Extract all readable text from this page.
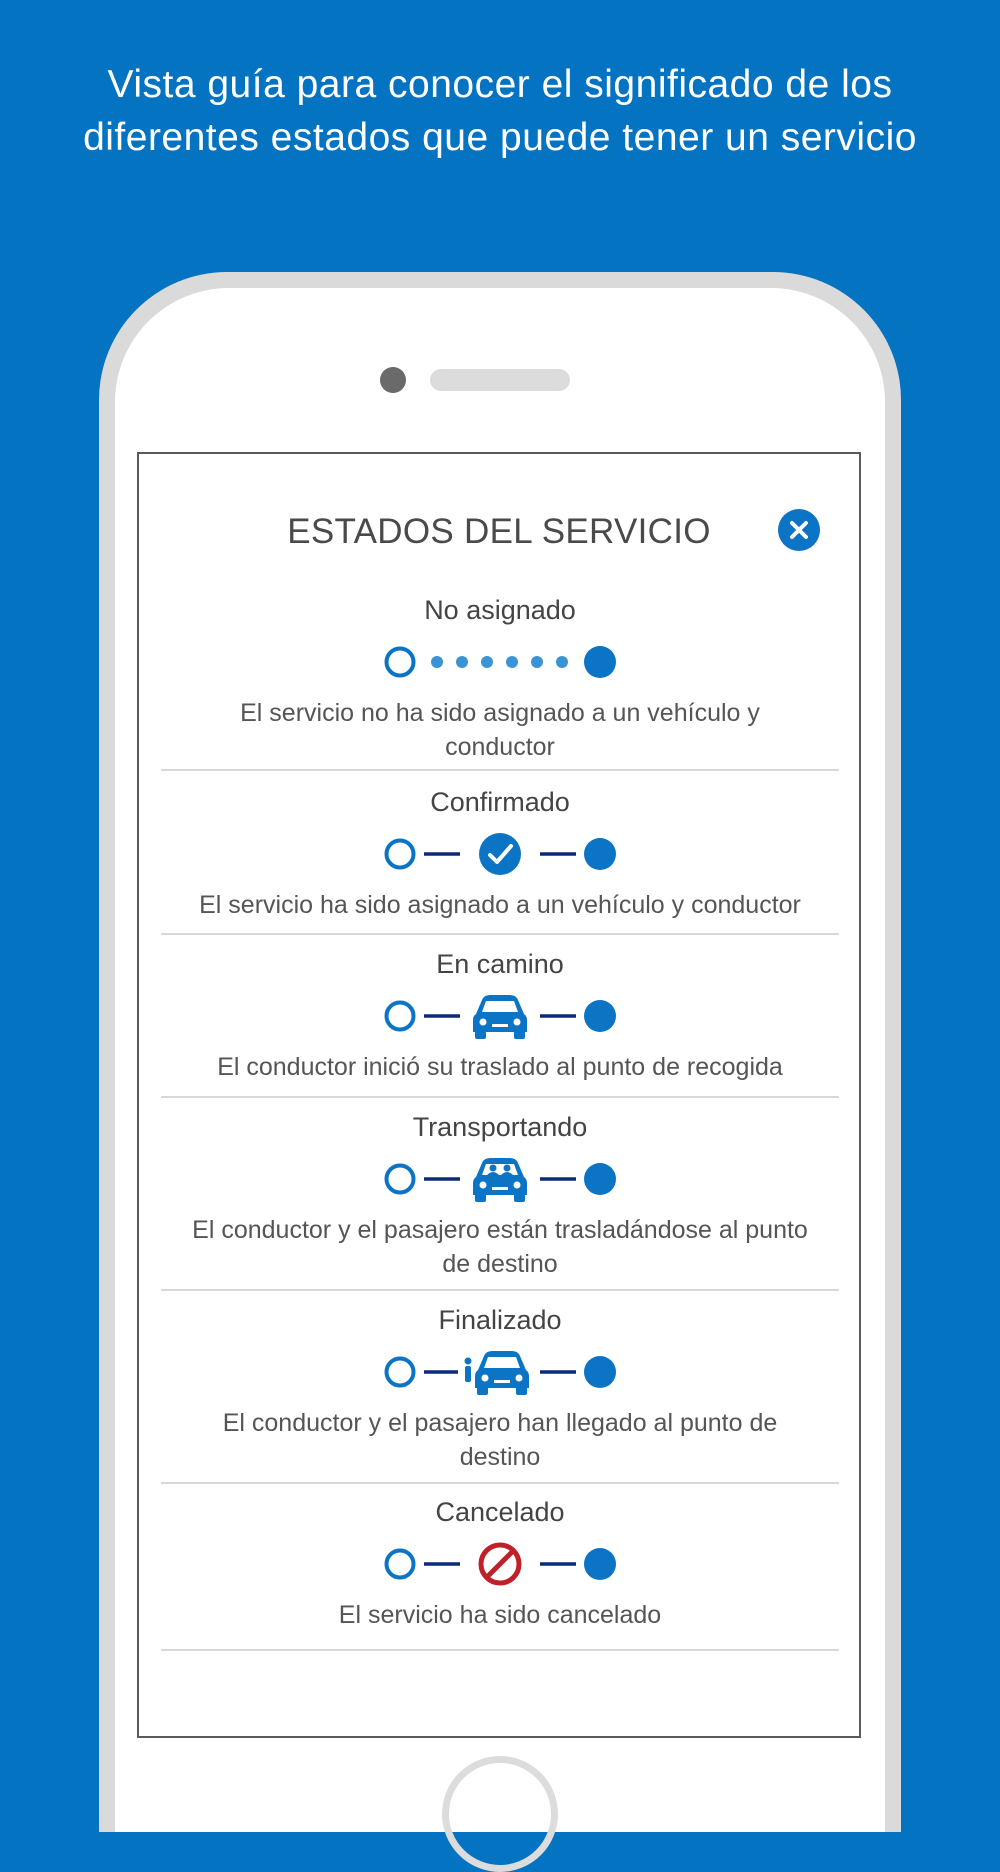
Vista guía para conocer el significado de los diferentes estados que puede tener un servicio
ESTADOS DEL SERVICIO
No asignado
El servicio no ha sido asignado a un vehículo y conductor
Confirmado
El servicio ha sido asignado a un vehículo y conductor
En camino
El conductor inició su traslado al punto de recogida
Transportando
El conductor y el pasajero están trasladándose al punto de destino
Finalizado
El conductor y el pasajero han llegado al punto de destino
Cancelado
El servicio ha sido cancelado
